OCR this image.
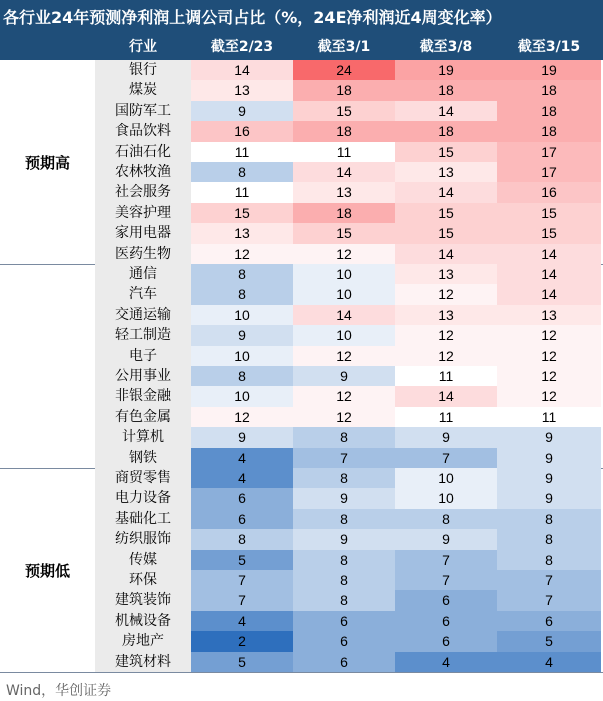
各行业24年预测净利润上调公司占比（%，24E净利润近4周变化率）
行业	截至2/23	截至3/1	截至3/8	截至3/15
银行	14	24	19	19
煤炭	13	18	18	18
国防军工	9	15	14	18
食品饮料	16	18	18	18
石油石化	11	11	15	17
农林牧渔	8	14	13	17
社会服务	11	13	14	16
美容护理	15	18	15	15
家用电器	13	15	15	15
医药生物	12	12	14	14
预期高
通信	8	10	13	14
汽车	8	10	12	14
交通运输	10	14	13	13
轻工制造	9	10	12	12
电子	10	12	12	12
公用事业	8	9	11	12
非银金融	10	12	14	12
有色金属	12	12	11	11
计算机	9	8	9	9
钢铁	4	7	7	9
商贸零售	4	8	10	9
电力设备	6	9	10	9
基础化工	6	8	8	8
纺织服饰	8	9	9	8
传媒	5	8	7	8
环保	7	8	7	7
建筑装饰	7	8	6	7
机械设备	4	6	6	6
房地产	2	6	6	5
建筑材料	5	6	4	4
预期低
Wind，华创证券
